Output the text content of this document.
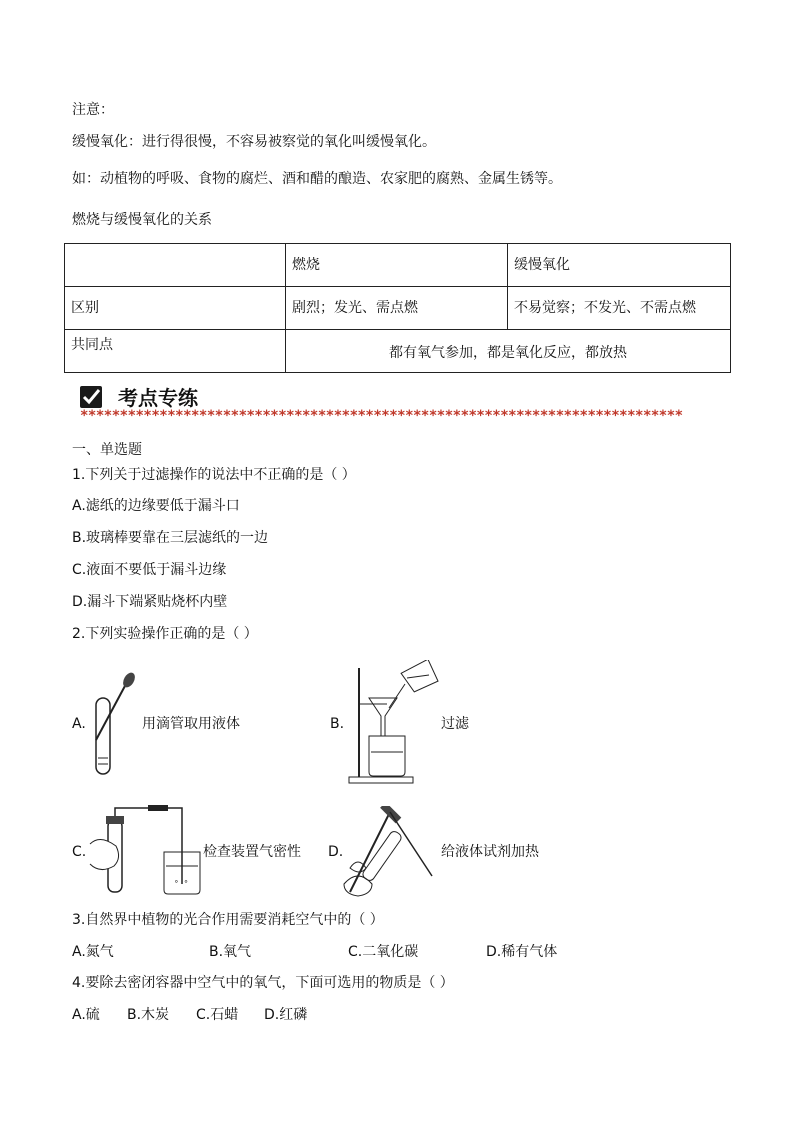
注意：
缓慢氧化：进行得很慢，不容易被察觉的氧化叫缓慢氧化。
如：动植物的呼吸、食物的腐烂、酒和醋的酿造、农家肥的腐熟、金属生锈等。
燃烧与缓慢氧化的关系
	燃烧	缓慢氧化
区别	剧烈；发光、需点燃	不易觉察；不发光、不需点燃
共同点	都有氧气参加，都是氧化反应，都放热	
考点专练
****************************************************************************
一、单选题
1.下列关于过滤操作的说法中不正确的是（ ）
A.滤纸的边缘要低于漏斗口
B.玻璃棒要靠在三层滤纸的一边
C.液面不要低于漏斗边缘
D.漏斗下端紧贴烧杯内壁
2.下列实验操作正确的是（ ）
A.	用滴管取用液体	B.	过滤
C.
∘ ∘
检查装置气密性 D.	给液体试剂加热
3.自然界中植物的光合作用需要消耗空气中的（ ）
A.氮气	B.氧气	C.二氧化碳	D.稀有气体
4.要除去密闭容器中空气中的氧气，下面可选用的物质是（ ）
A.硫 B.木炭 C.石蜡 D.红磷
